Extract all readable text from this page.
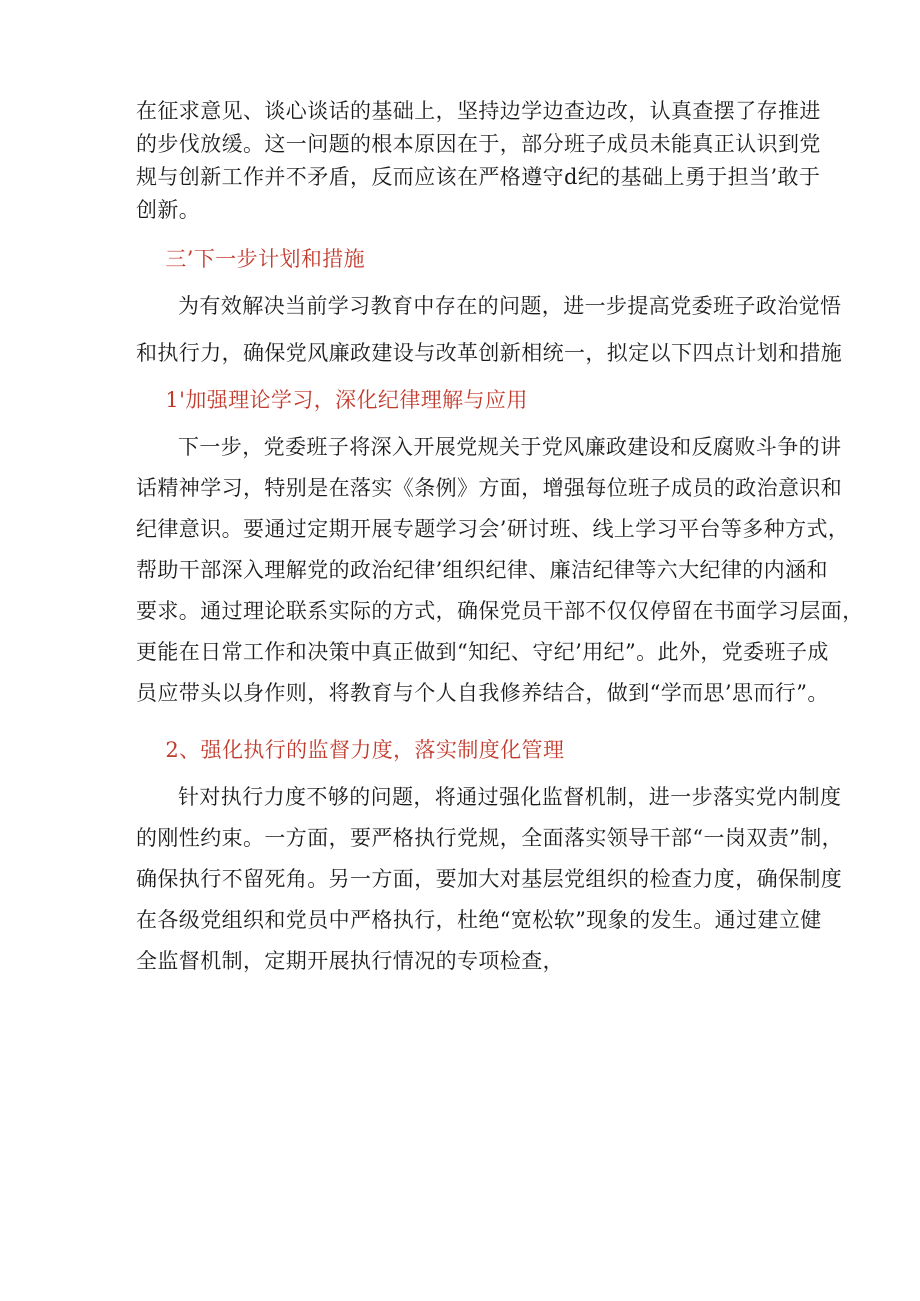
在征求意见、谈心谈话的基础上，坚持边学边查边改，认真查摆了存推进
的步伐放缓。这一问题的根本原因在于，部分班子成员未能真正认识到党
规与创新工作并不矛盾，反而应该在严格遵守d纪的基础上勇于担当’敢于
创新。

三’下一步计划和措施

为有效解决当前学习教育中存在的问题，进一步提高党委班子政治觉悟
和执行力，确保党风廉政建设与改革创新相统一，拟定以下四点计划和措施

1'加强理论学习，深化纪律理解与应用

下一步，党委班子将深入开展党规关于党风廉政建设和反腐败斗争的讲
话精神学习，特别是在落实《条例》方面，增强每位班子成员的政治意识和
纪律意识。要通过定期开展专题学习会’研讨班、线上学习平台等多种方式，
帮助干部深入理解党的政治纪律’组织纪律、廉洁纪律等六大纪律的内涵和
要求。通过理论联系实际的方式，确保党员干部不仅仅停留在书面学习层面，
更能在日常工作和决策中真正做到“知纪、守纪’用纪”。此外，党委班子成
员应带头以身作则，将教育与个人自我修养结合，做到“学而思’思而行”。

2、强化执行的监督力度，落实制度化管理

针对执行力度不够的问题，将通过强化监督机制，进一步落实党内制度
的刚性约束。一方面，要严格执行党规，全面落实领导干部“一岗双责”制，
确保执行不留死角。另一方面，要加大对基层党组织的检查力度，确保制度
在各级党组织和党员中严格执行，杜绝“宽松软”现象的发生。通过建立健
全监督机制，定期开展执行情况的专项检查，
